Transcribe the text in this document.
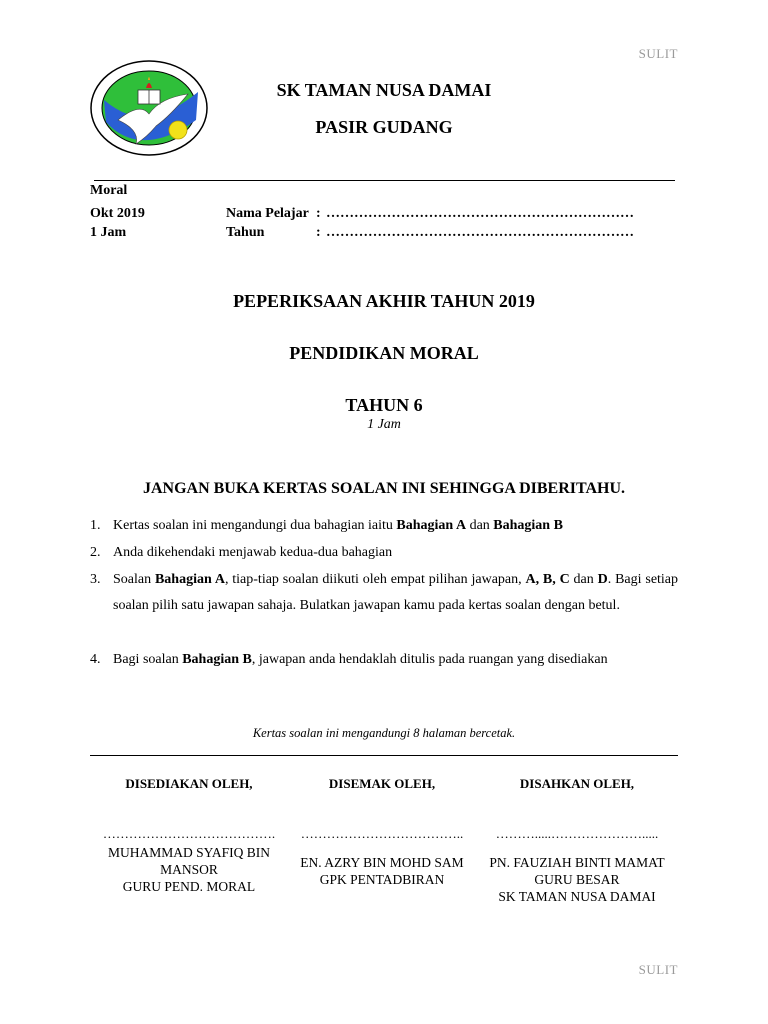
SULIT
SK TAMAN NUSA DAMAI
PASIR GUDANG
Moral
Okt 2019
1 Jam
Nama Pelajar : …………………………………………………………
Tahun	: …………………………………………………………
PEPERIKSAAN AKHIR TAHUN 2019
PENDIDIKAN MORAL
TAHUN 6
1 Jam
JANGAN BUKA KERTAS SOALAN INI SEHINGGA DIBERITAHU.
1. Kertas soalan ini mengandungi dua bahagian iaitu Bahagian A dan Bahagian B
2. Anda dikehendaki menjawab kedua-dua bahagian
3. Soalan Bahagian A, tiap-tiap soalan diikuti oleh empat pilihan jawapan, A, B, C dan D. Bagi setiap soalan pilih satu jawapan sahaja. Bulatkan jawapan kamu pada kertas soalan dengan betul.
4. Bagi soalan Bahagian B, jawapan anda hendaklah ditulis pada ruangan yang disediakan
Kertas soalan ini mengandungi 8 halaman bercetak.
DISEDIAKAN OLEH,
………………………………….
MUHAMMAD SYAFIQ BIN
MANSOR
GURU PEND. MORAL
DISEMAK OLEH,
………………………………..
EN. AZRY BIN MOHD SAM
GPK PENTADBIRAN
DISAHKAN OLEH,
……….....………………….....
PN. FAUZIAH BINTI MAMAT
GURU BESAR
SK TAMAN NUSA DAMAI
SULIT
